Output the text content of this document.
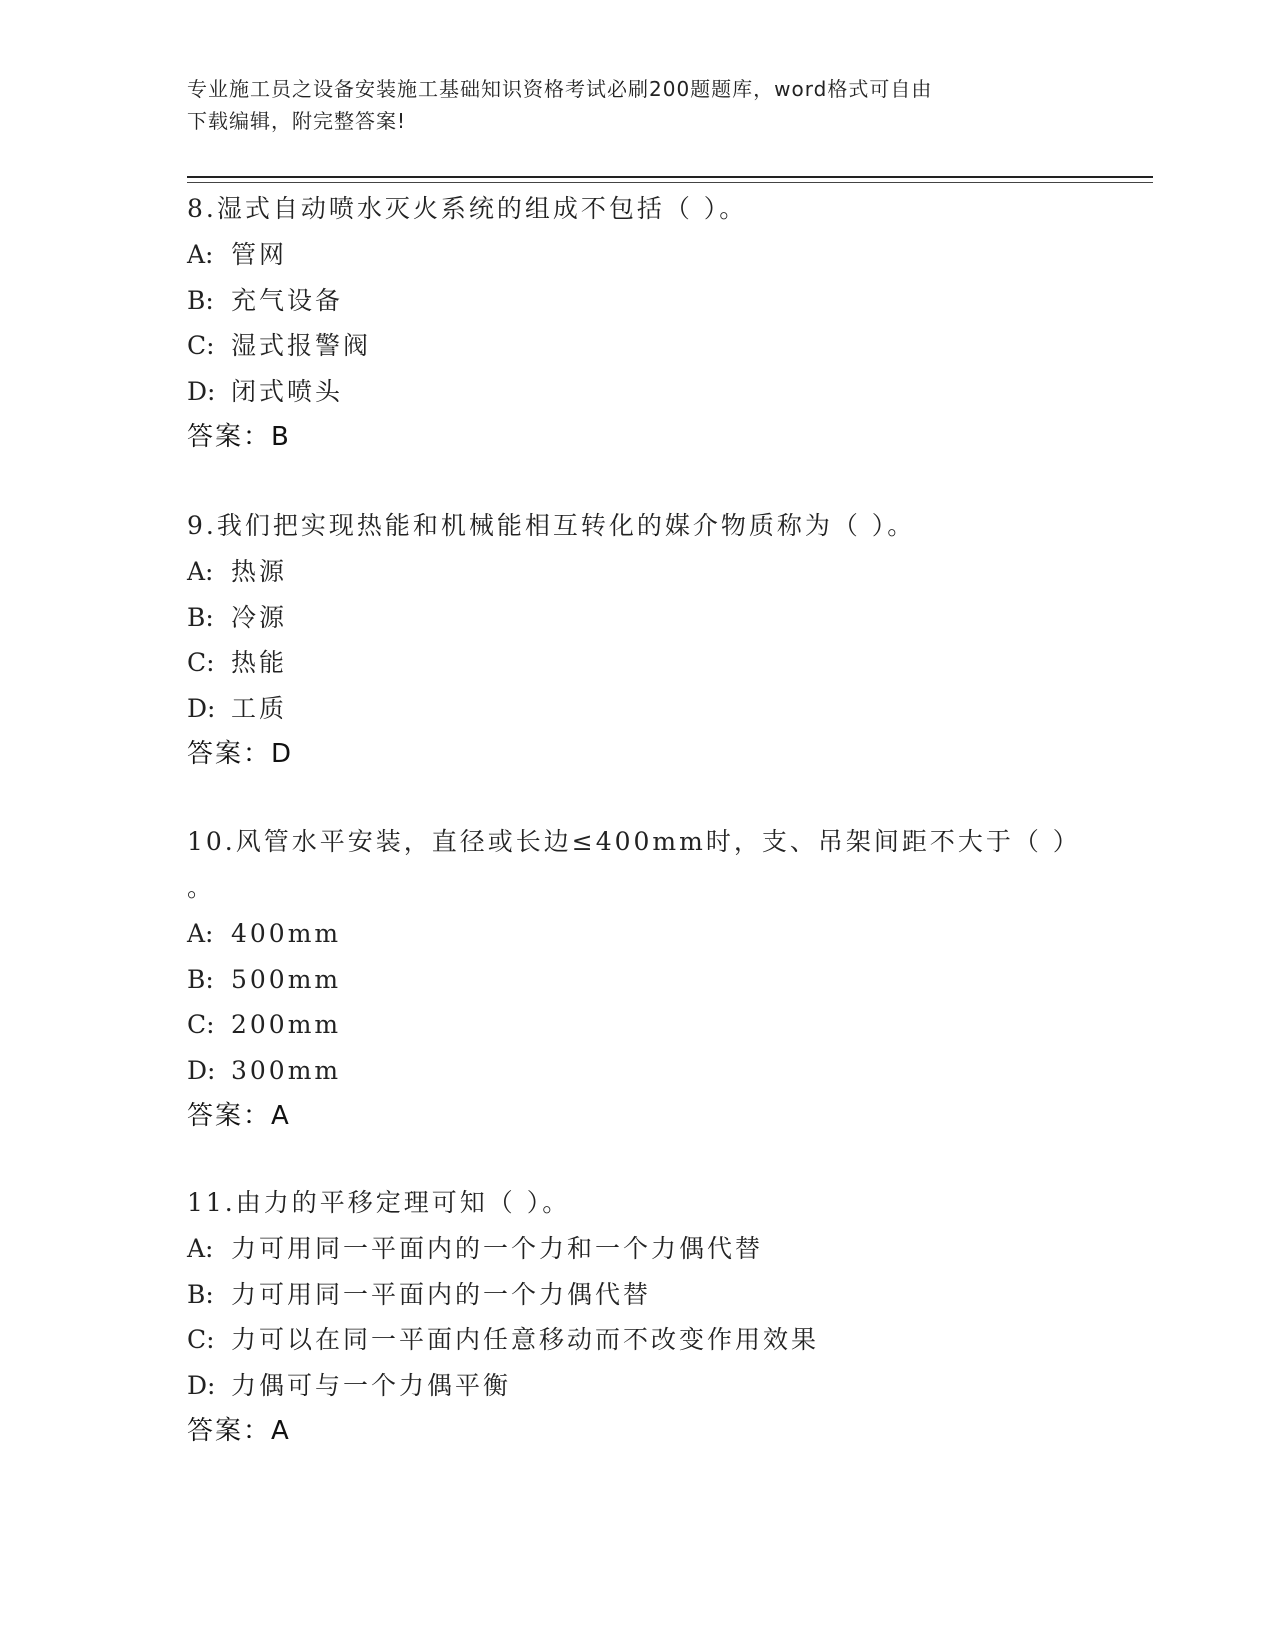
专业施工员之设备安装施工基础知识资格考试必刷200题题库，word格式可自由
下载编辑，附完整答案!

8.湿式自动喷水灭火系统的组成不包括（ ）。

A: 管网

B: 充气设备

C: 湿式报警阀

D: 闭式喷头

答案：B

9.我们把实现热能和机械能相互转化的媒介物质称为（ ）。

A: 热源

B: 冷源

C: 热能

D: 工质

答案：D

10.风管水平安装，直径或长边≤400mm时，支、吊架间距不大于（ ）

。

A: 400mm

B: 500mm

C: 200mm

D: 300mm

答案：A

11.由力的平移定理可知（ ）。

A: 力可用同一平面内的一个力和一个力偶代替

B: 力可用同一平面内的一个力偶代替

C: 力可以在同一平面内任意移动而不改变作用效果

D: 力偶可与一个力偶平衡

答案：A
